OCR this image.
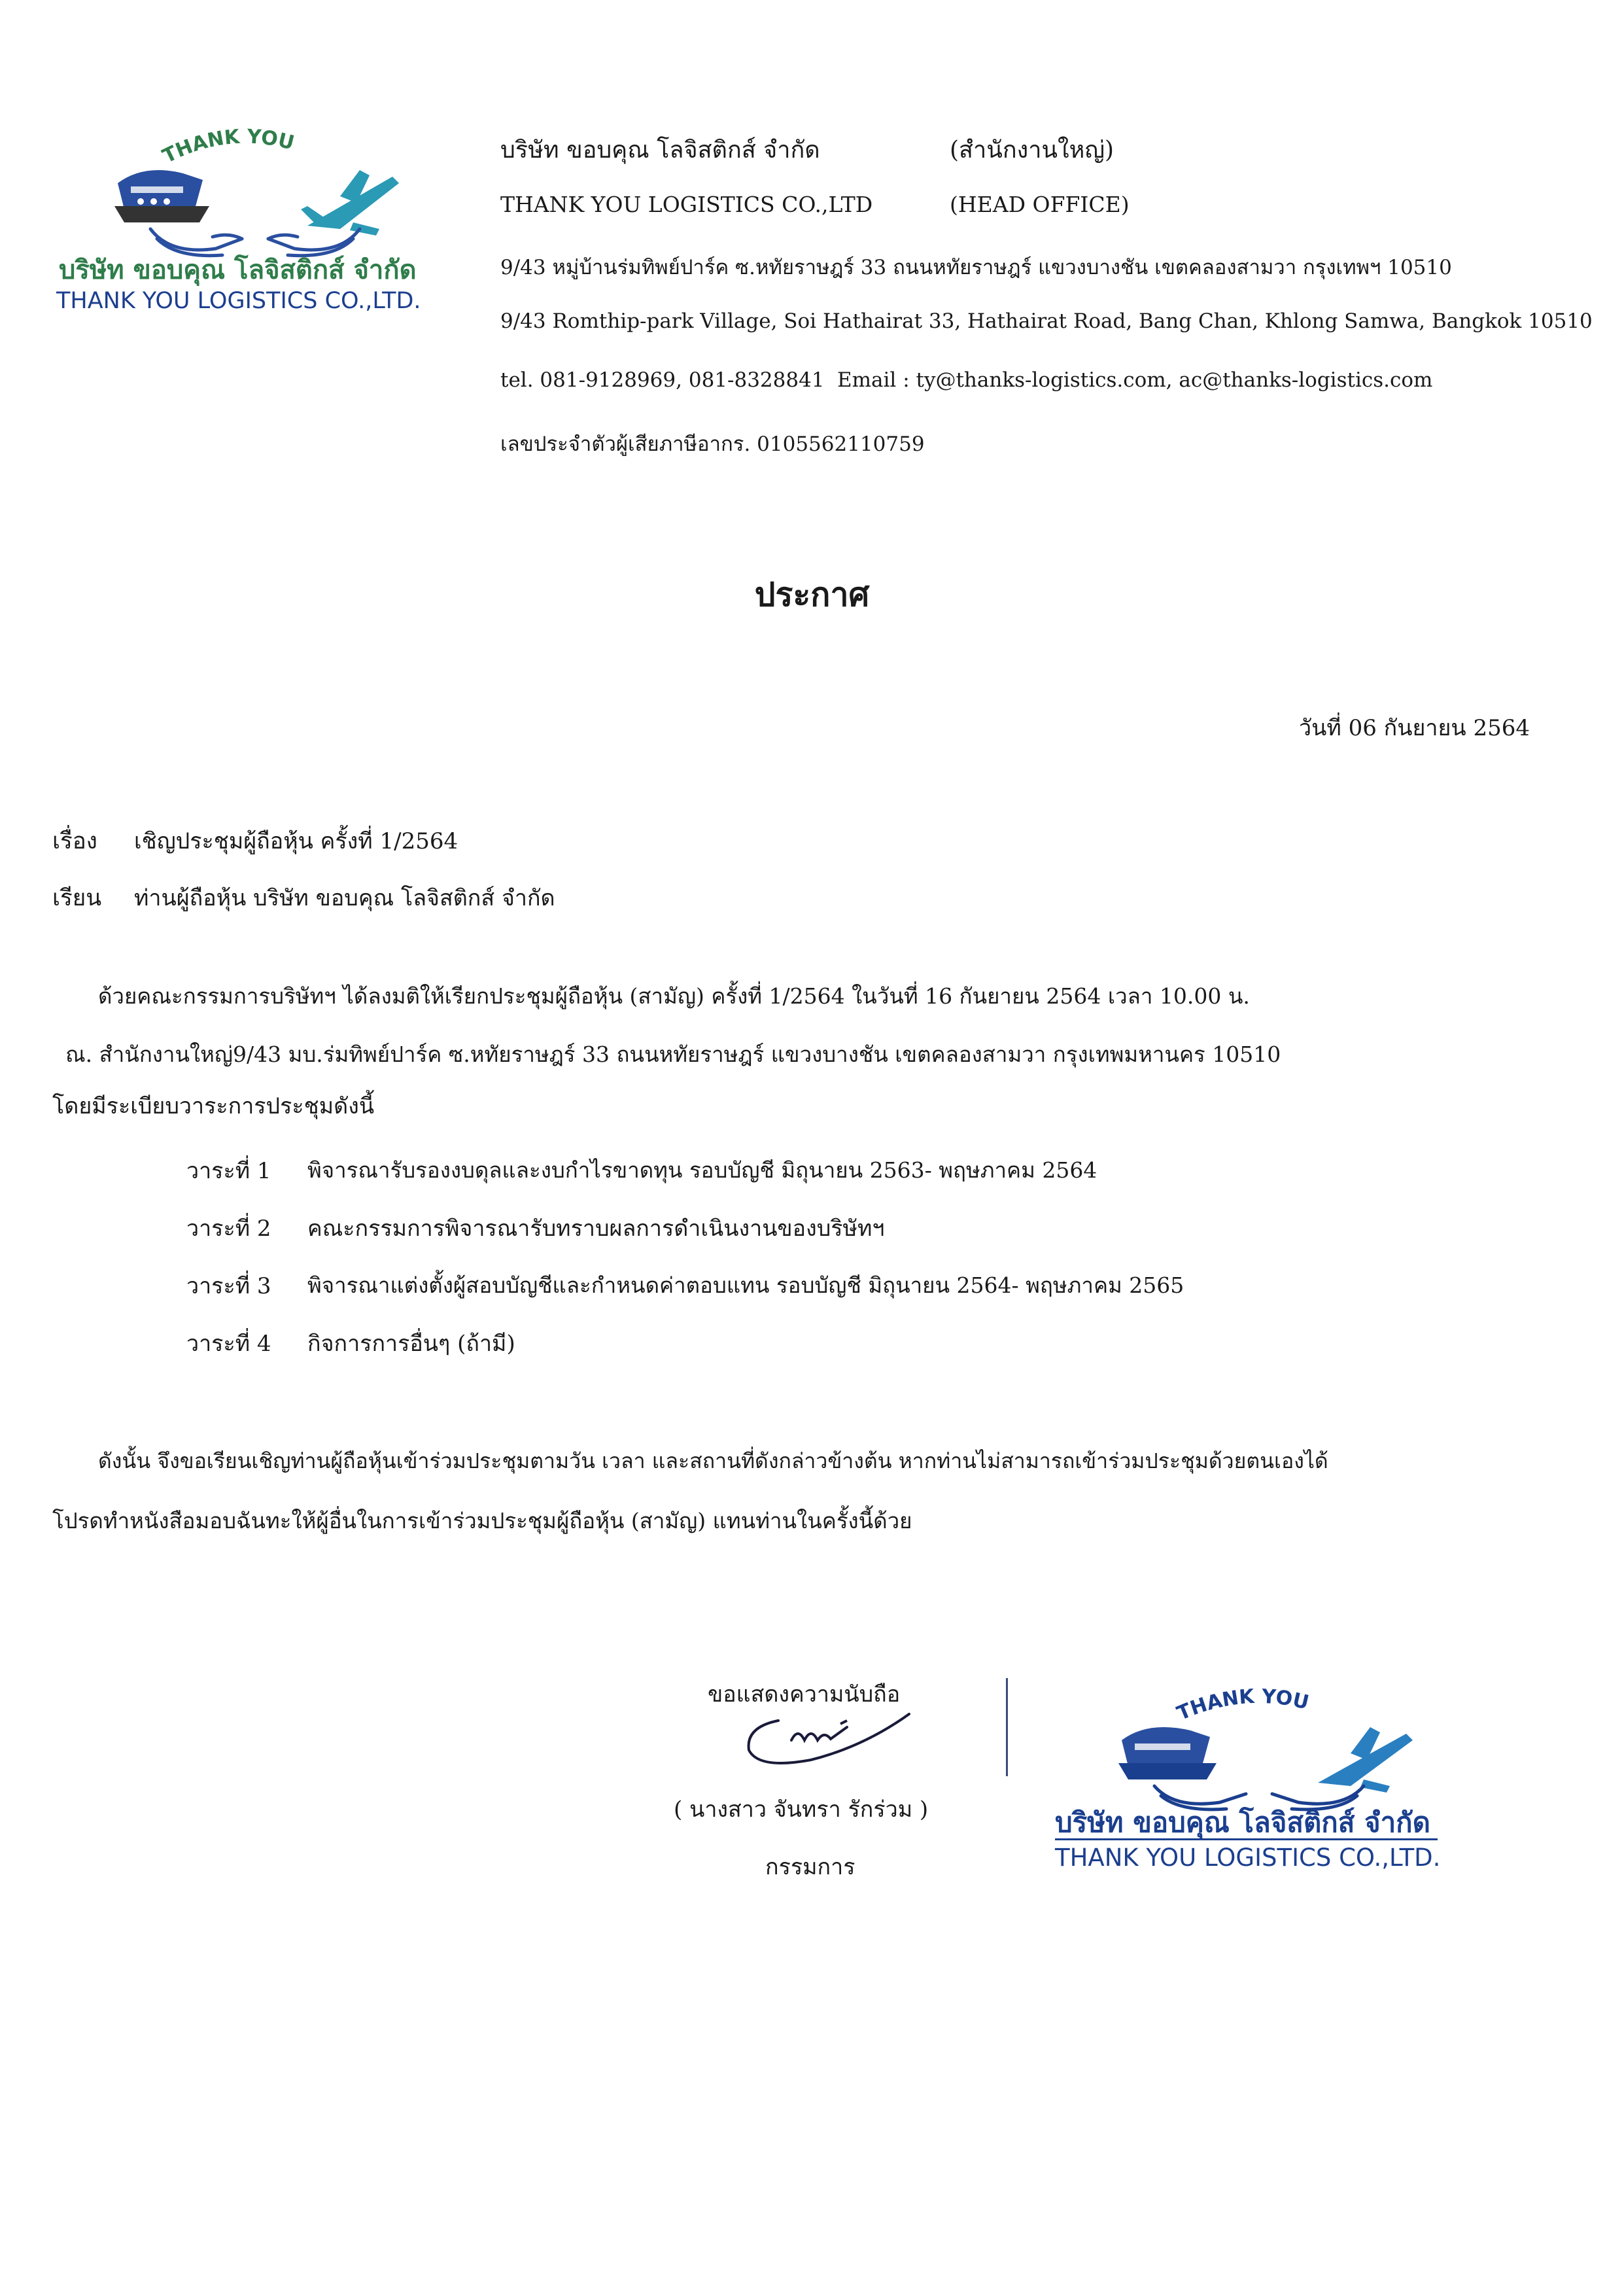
THANK YOU
บริษัท ขอบคุณ โลจิสติกส์ จำกัด
THANK YOU LOGISTICS CO.,LTD.
บริษัท ขอบคุณ โลจิสติกส์ จำกัด	(สำนักงานใหญ่)
THANK YOU LOGISTICS CO.,LTD	(HEAD OFFICE)
9/43 หมู่บ้านร่มทิพย์ปาร์ค ซ.หทัยราษฎร์ 33 ถนนหทัยราษฎร์ แขวงบางชัน เขตคลองสามวา กรุงเทพฯ 10510
9/43 Romthip-park Village, Soi Hathairat 33, Hathairat Road, Bang Chan, Khlong Samwa, Bangkok 10510
tel. 081-9128969, 081-8328841 Email : ty@thanks-logistics.com, ac@thanks-logistics.com
เลขประจำตัวผู้เสียภาษีอากร. 0105562110759
ประกาศ
วันที่ 06 กันยายน 2564
เรื่อง เชิญประชุมผู้ถือหุ้น ครั้งที่ 1/2564
เรียน ท่านผู้ถือหุ้น บริษัท ขอบคุณ โลจิสติกส์ จำกัด
ด้วยคณะกรรมการบริษัทฯ ได้ลงมติให้เรียกประชุมผู้ถือหุ้น (สามัญ) ครั้งที่ 1/2564 ในวันที่ 16 กันยายน 2564 เวลา 10.00 น.
ณ. สำนักงานใหญ่9/43 มบ.ร่มทิพย์ปาร์ค ซ.หทัยราษฎร์ 33 ถนนหทัยราษฎร์ แขวงบางชัน เขตคลองสามวา กรุงเทพมหานคร 10510
โดยมีระเบียบวาระการประชุมดังนี้
วาระที่ 1 พิจารณารับรองงบดุลและงบกำไรขาดทุน รอบบัญชี มิถุนายน 2563- พฤษภาคม 2564
วาระที่ 2 คณะกรรมการพิจารณารับทราบผลการดำเนินงานของบริษัทฯ
วาระที่ 3 พิจารณาแต่งตั้งผู้สอบบัญชีและกำหนดค่าตอบแทน รอบบัญชี มิถุนายน 2564- พฤษภาคม 2565
วาระที่ 4 กิจการการอื่นๆ (ถ้ามี)
ดังนั้น จึงขอเรียนเชิญท่านผู้ถือหุ้นเข้าร่วมประชุมตามวัน เวลา และสถานที่ดังกล่าวข้างต้น หากท่านไม่สามารถเข้าร่วมประชุมด้วยตนเองได้
โปรดทำหนังสือมอบฉันทะให้ผู้อื่นในการเข้าร่วมประชุมผู้ถือหุ้น (สามัญ) แทนท่านในครั้งนี้ด้วย
ขอแสดงความนับถือ
( นางสาว จันทรา รักร่วม )
กรรมการ
THANK YOU
บริษัท ขอบคุณ โลจิสติกส์ จำกัด
THANK YOU LOGISTICS CO.,LTD.
